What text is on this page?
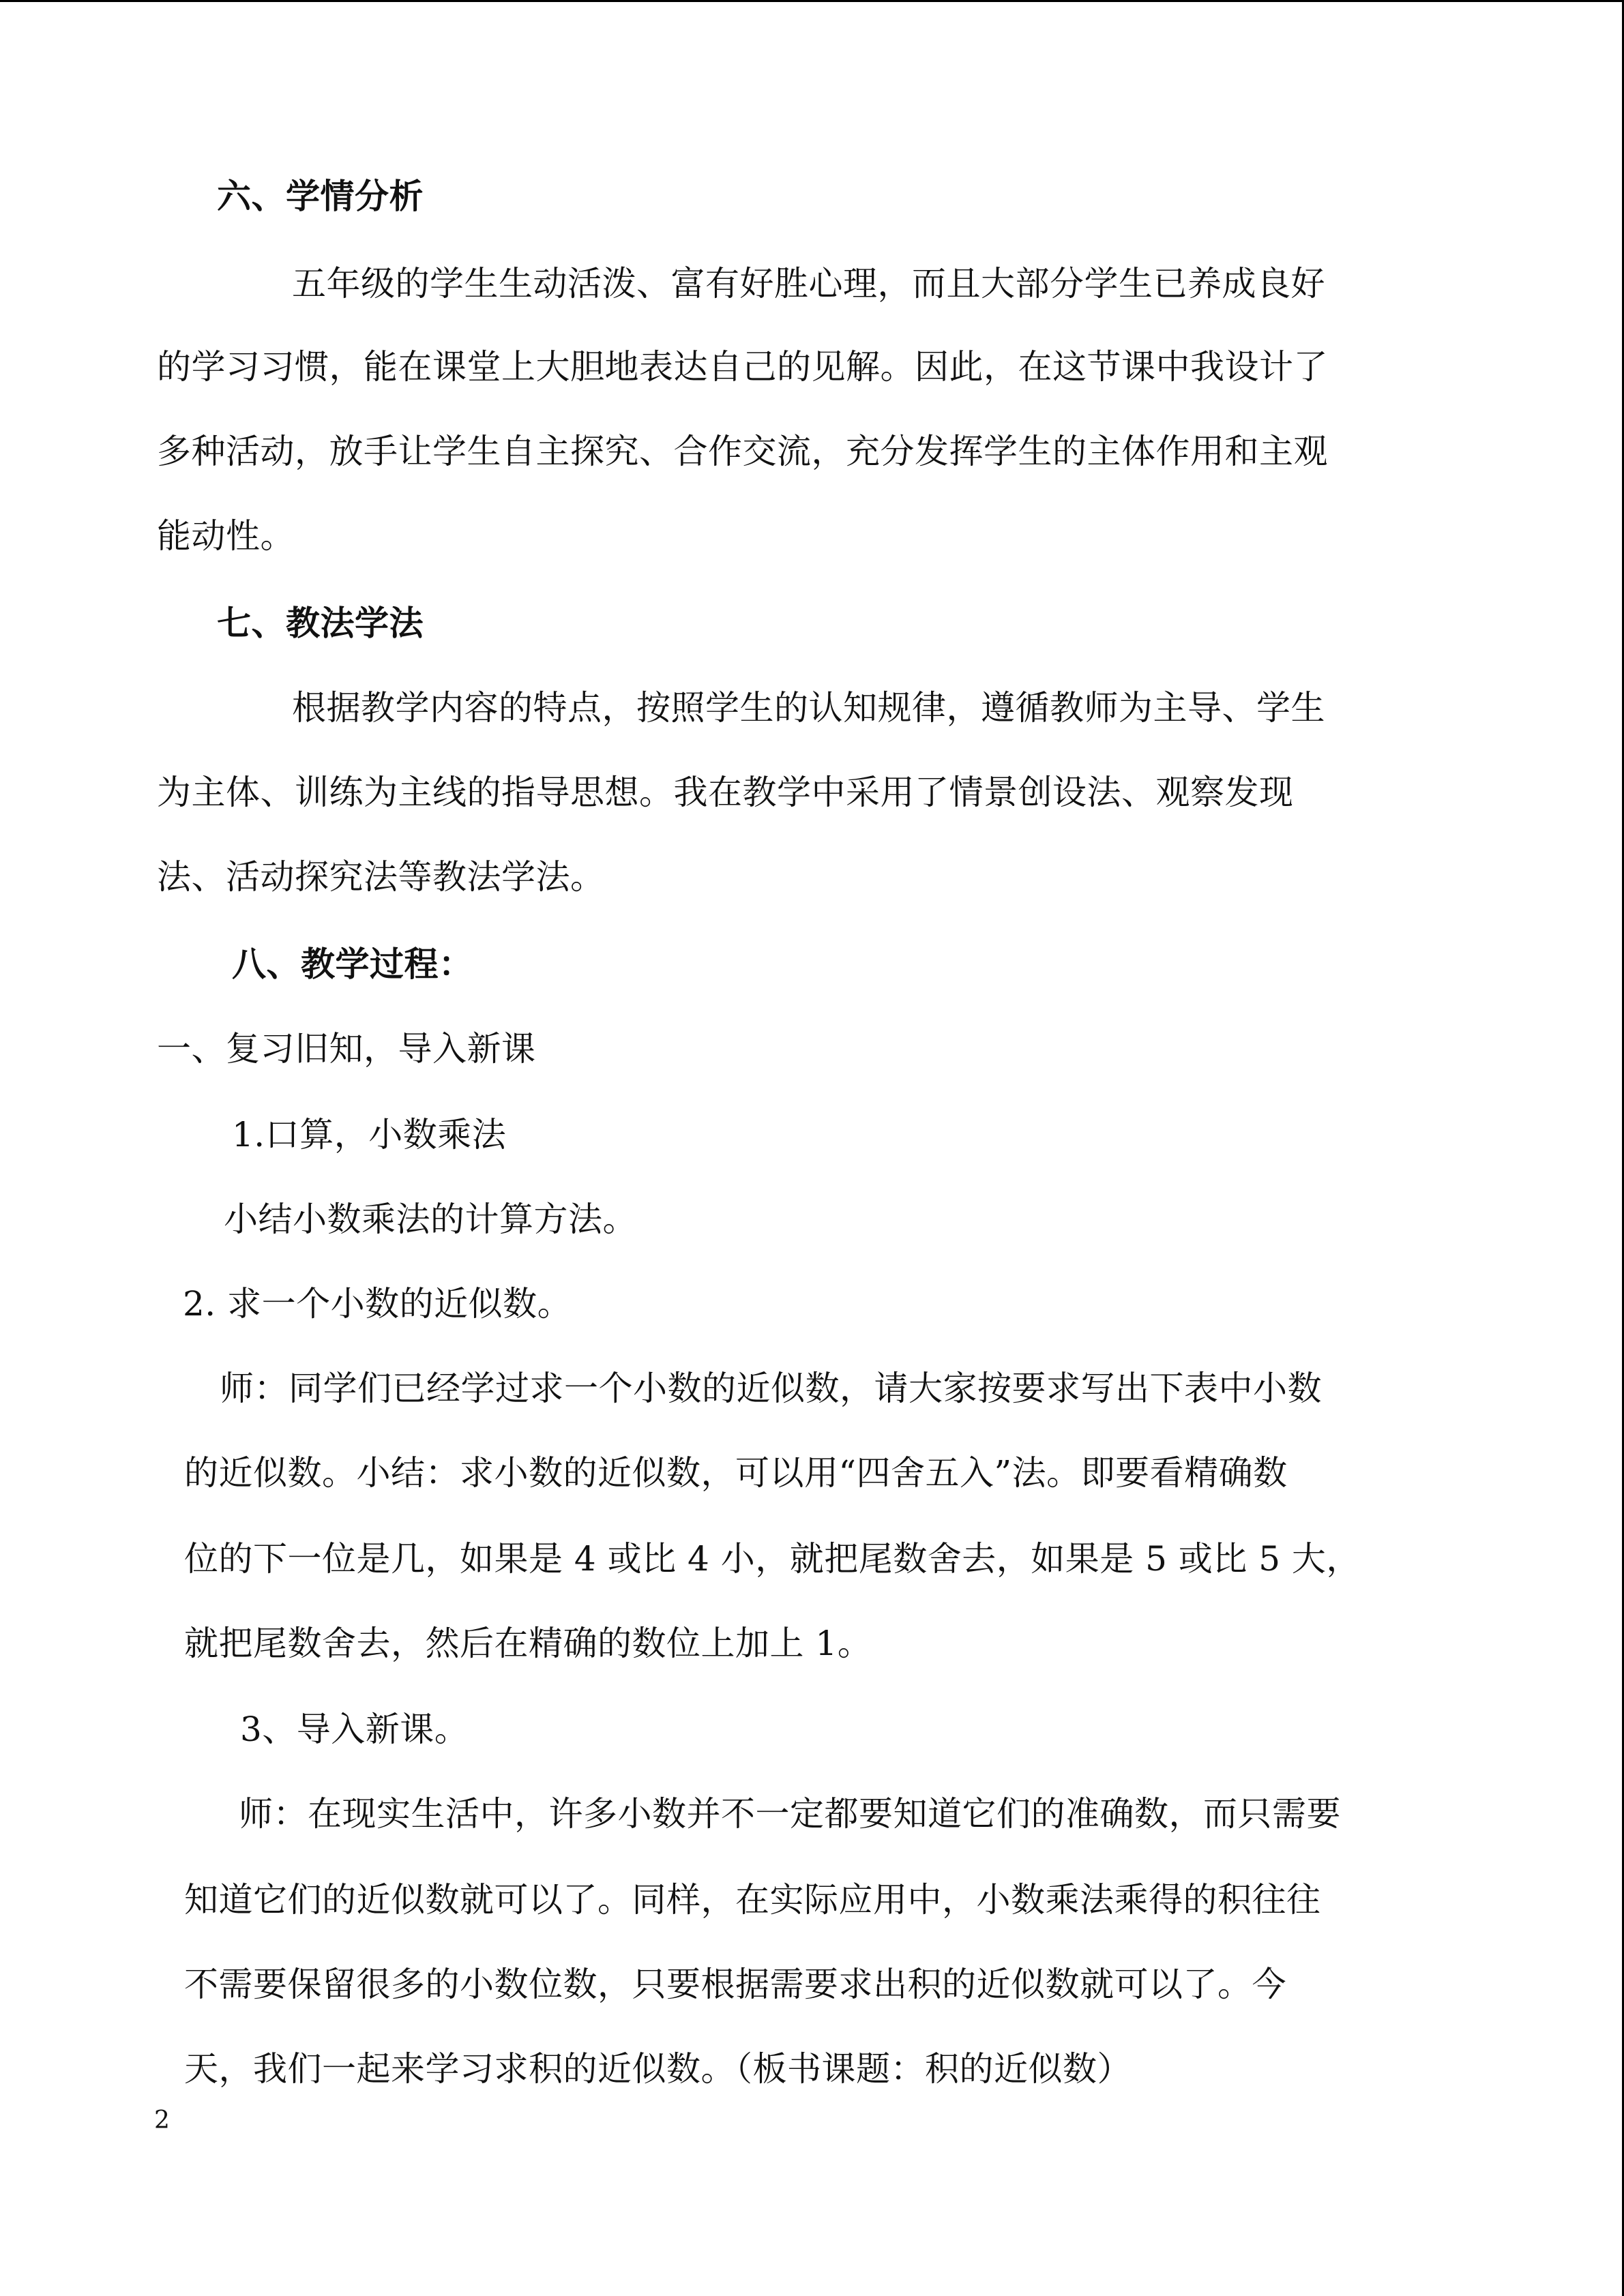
六、学情分析
五年级的学生生动活泼、富有好胜心理，而且大部分学生已养成良好
的学习习惯，能在课堂上大胆地表达自己的见解。因此，在这节课中我设计了
多种活动，放手让学生自主探究、合作交流，充分发挥学生的主体作用和主观
能动性。
七、教法学法
根据教学内容的特点，按照学生的认知规律，遵循教师为主导、学生
为主体、训练为主线的指导思想。我在教学中采用了情景创设法、观察发现
法、活动探究法等教法学法。
八、教学过程：
一、复习旧知，导入新课
1.口算，小数乘法
小结小数乘法的计算方法。
2. 求一个小数的近似数。
师：同学们已经学过求一个小数的近似数，请大家按要求写出下表中小数
的近似数。小结：求小数的近似数，可以用“四舍五入”法。即要看精确数
位的下一位是几，如果是 4 或比 4 小，就把尾数舍去，如果是 5 或比 5 大，
就把尾数舍去，然后在精确的数位上加上 1。
3、导入新课。
师：在现实生活中，许多小数并不一定都要知道它们的准确数，而只需要
知道它们的近似数就可以了。同样，在实际应用中，小数乘法乘得的积往往
不需要保留很多的小数位数，只要根据需要求出积的近似数就可以了。今
天，我们一起来学习求积的近似数。（板书课题：积的近似数）
2
